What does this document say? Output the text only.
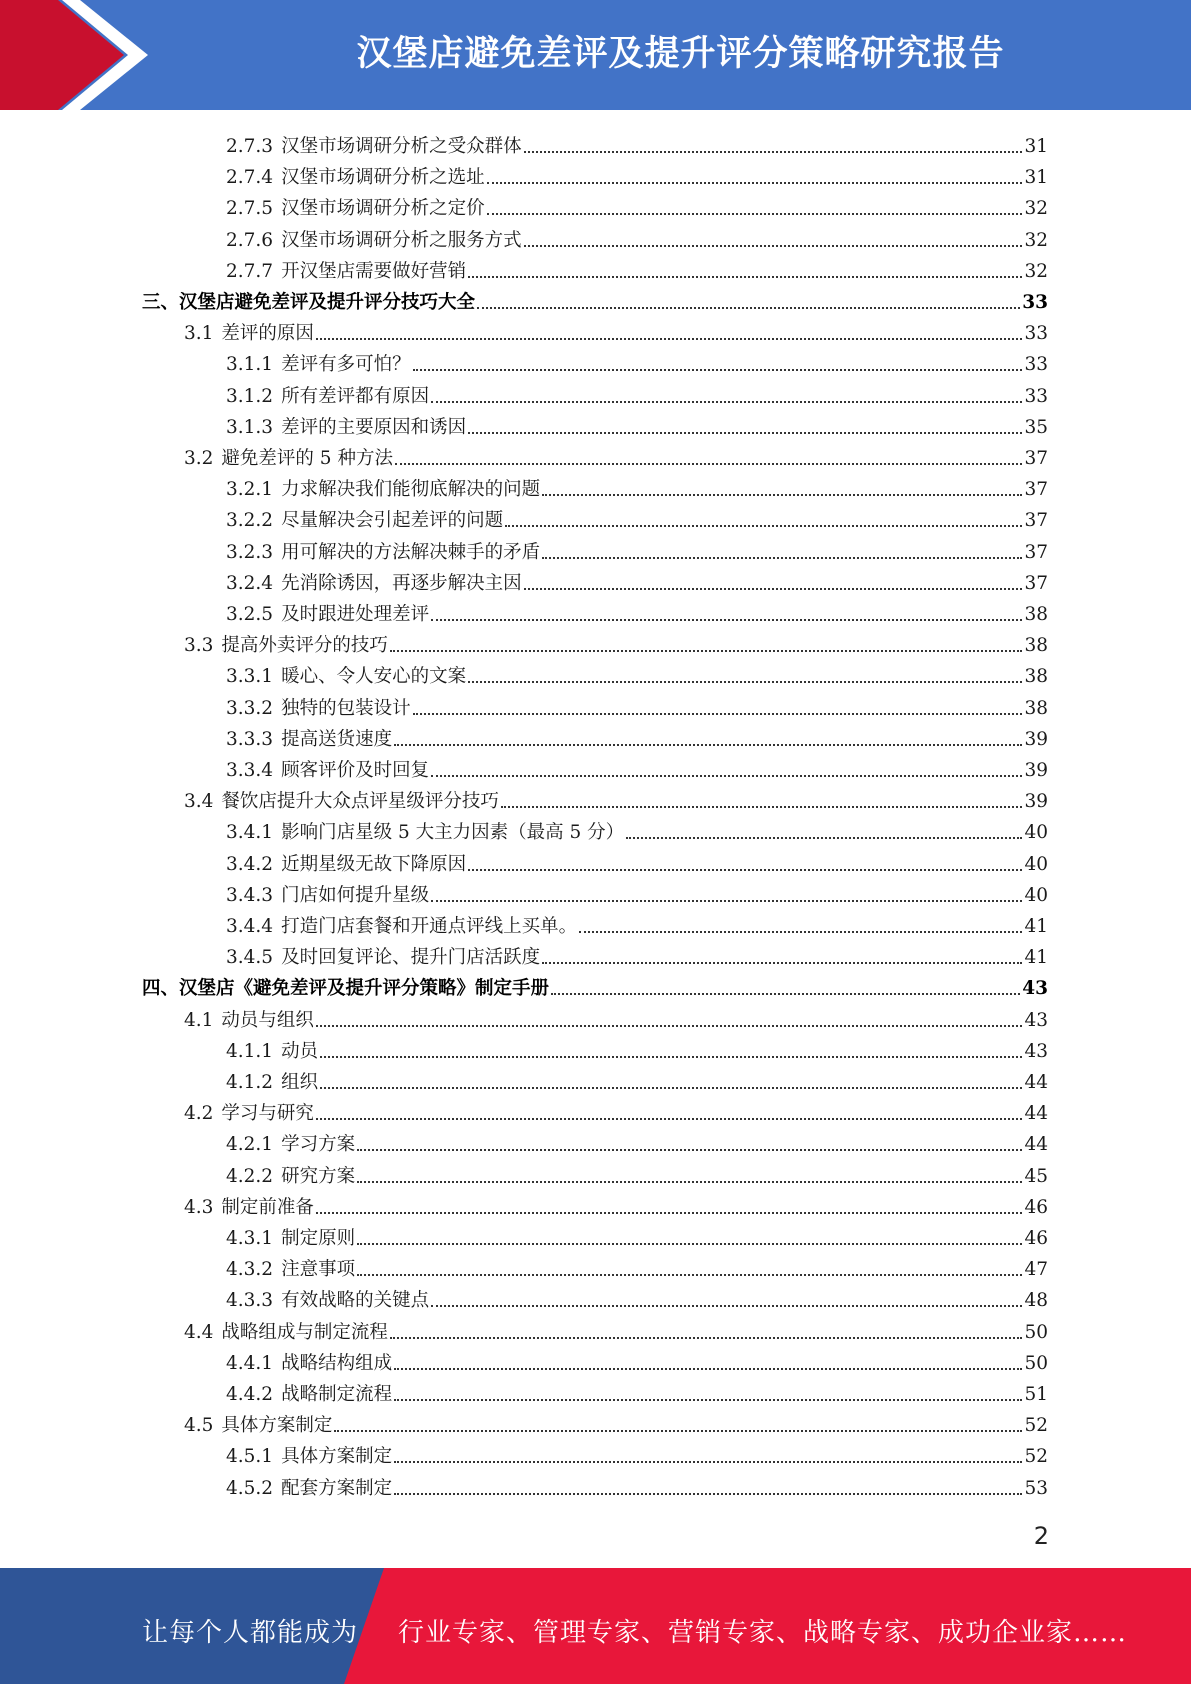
汉堡店避免差评及提升评分策略研究报告
2.7.3 汉堡市场调研分析之受众群体	31
2.7.4 汉堡市场调研分析之选址	31
2.7.5 汉堡市场调研分析之定价	32
2.7.6 汉堡市场调研分析之服务方式	32
2.7.7 开汉堡店需要做好营销	32
三、汉堡店避免差评及提升评分技巧大全	33
3.1 差评的原因	33
3.1.1 差评有多可怕？	33
3.1.2 所有差评都有原因	33
3.1.3 差评的主要原因和诱因	35
3.2 避免差评的 5 种方法	37
3.2.1 力求解决我们能彻底解决的问题	37
3.2.2 尽量解决会引起差评的问题	37
3.2.3 用可解决的方法解决棘手的矛盾	37
3.2.4 先消除诱因，再逐步解决主因	37
3.2.5 及时跟进处理差评	38
3.3 提高外卖评分的技巧	38
3.3.1 暖心、令人安心的文案	38
3.3.2 独特的包装设计	38
3.3.3 提高送货速度	39
3.3.4 顾客评价及时回复	39
3.4 餐饮店提升大众点评星级评分技巧	39
3.4.1 影响门店星级 5 大主力因素（最高 5 分）	40
3.4.2 近期星级无故下降原因	40
3.4.3 门店如何提升星级	40
3.4.4 打造门店套餐和开通点评线上买单。	41
3.4.5 及时回复评论、提升门店活跃度	41
四、汉堡店《避免差评及提升评分策略》制定手册	43
4.1 动员与组织	43
4.1.1 动员	43
4.1.2 组织	44
4.2 学习与研究	44
4.2.1 学习方案	44
4.2.2 研究方案	45
4.3 制定前准备	46
4.3.1 制定原则	46
4.3.2 注意事项	47
4.3.3 有效战略的关键点	48
4.4 战略组成与制定流程	50
4.4.1 战略结构组成	50
4.4.2 战略制定流程	51
4.5 具体方案制定	52
4.5.1 具体方案制定	52
4.5.2 配套方案制定	53
2
让每个人都能成为 行业专家、管理专家、营销专家、战略专家、成功企业家……
